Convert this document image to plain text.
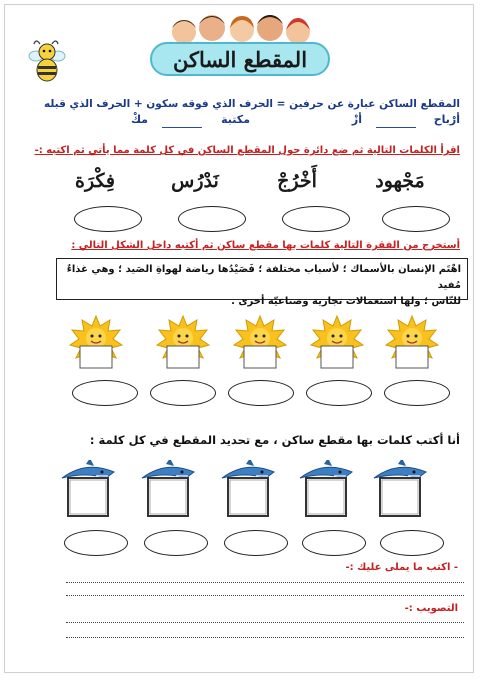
المقطع الساكن
المقطع الساكن عبارة عن حرفين = الحرف الذي فوقه سكون + الحرف الذي قبله
أرْباح
أزْ
مكتبة
مكْ
اقرأ الكلمات التالية ثم ضع دائرة حول المقطع الساكن في كل كلمة مما يأتي ثم اكتبه :-
مَجْهود
أَخْرُجْ
نَدْرُس
فِكْرَة
أستخرج من الفقرة التالية كلمات بها مقطع ساكن ثم أكتبه داخل الشكل التالي :
اهْتَم الإنسان بالأسماك ؛ لأسباب مختلفة ؛ فَصَيْدُها رياضة لهواةِ الصَيد ؛ وهي غذاءٌ مُفيد
للنّاس ؛ ولها استعمالات تجارية وصناعيّة أخرى .
أنا أكتب كلمات بها مقطع ساكن ، مع تحديد المقطع في كل كلمة :
- اكتب ما يملى عليك :-
التصويب :-
